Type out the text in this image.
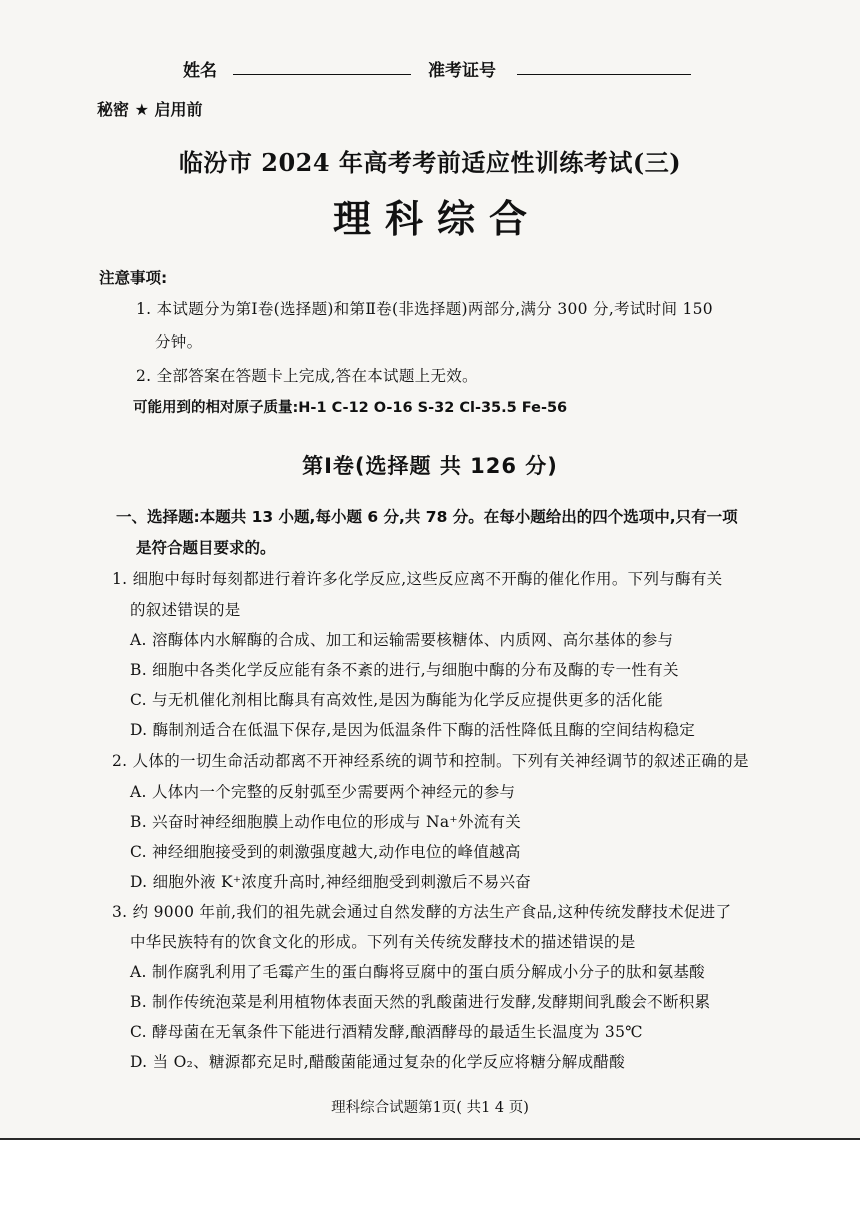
姓名	准考证号
秘密 ★ 启用前
临汾市 2024 年高考考前适应性训练考试(三)
理科综合
注意事项:
1. 本试题分为第Ⅰ卷(选择题)和第Ⅱ卷(非选择题)两部分,满分 300 分,考试时间 150
分钟。
2. 全部答案在答题卡上完成,答在本试题上无效。
可能用到的相对原子质量:H-1 C-12 O-16 S-32 Cl-35.5 Fe-56
第Ⅰ卷(选择题 共 126 分)
一、选择题:本题共 13 小题,每小题 6 分,共 78 分。在每小题给出的四个选项中,只有一项
是符合题目要求的。
1. 细胞中每时每刻都进行着许多化学反应,这些反应离不开酶的催化作用。下列与酶有关
的叙述错误的是
A. 溶酶体内水解酶的合成、加工和运输需要核糖体、内质网、高尔基体的参与
B. 细胞中各类化学反应能有条不紊的进行,与细胞中酶的分布及酶的专一性有关
C. 与无机催化剂相比酶具有高效性,是因为酶能为化学反应提供更多的活化能
D. 酶制剂适合在低温下保存,是因为低温条件下酶的活性降低且酶的空间结构稳定
2. 人体的一切生命活动都离不开神经系统的调节和控制。下列有关神经调节的叙述正确的是
A. 人体内一个完整的反射弧至少需要两个神经元的参与
B. 兴奋时神经细胞膜上动作电位的形成与 Na⁺外流有关
C. 神经细胞接受到的刺激强度越大,动作电位的峰值越高
D. 细胞外液 K⁺浓度升高时,神经细胞受到刺激后不易兴奋
3. 约 9000 年前,我们的祖先就会通过自然发酵的方法生产食品,这种传统发酵技术促进了
中华民族特有的饮食文化的形成。下列有关传统发酵技术的描述错误的是
A. 制作腐乳利用了毛霉产生的蛋白酶将豆腐中的蛋白质分解成小分子的肽和氨基酸
B. 制作传统泡菜是利用植物体表面天然的乳酸菌进行发酵,发酵期间乳酸会不断积累
C. 酵母菌在无氧条件下能进行酒精发酵,酿酒酵母的最适生长温度为 35℃
D. 当 O₂、糖源都充足时,醋酸菌能通过复杂的化学反应将糖分解成醋酸
理科综合试题第1页( 共1 4 页)
